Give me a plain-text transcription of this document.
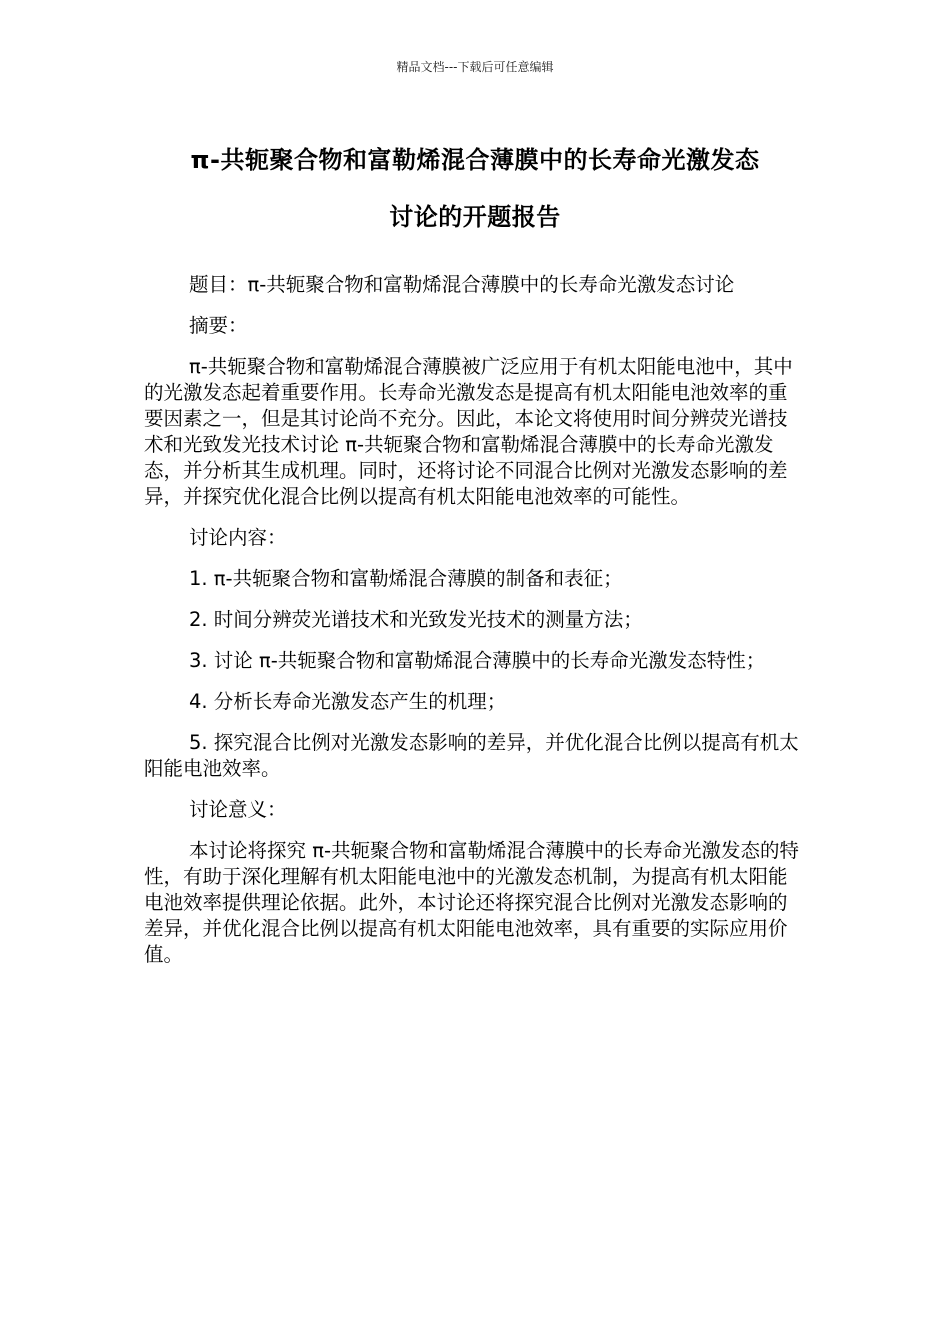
精品文档---下载后可任意编辑
π-共轭聚合物和富勒烯混合薄膜中的长寿命光激发态
讨论的开题报告

题目：π-共轭聚合物和富勒烯混合薄膜中的长寿命光激发态讨论

摘要：

π-共轭聚合物和富勒烯混合薄膜被广泛应用于有机太阳能电池中，其中的光激发态起着重要作用。长寿命光激发态是提高有机太阳能电池效率的重要因素之一，但是其讨论尚不充分。因此，本论文将使用时间分辨荧光谱技术和光致发光技术讨论 π-共轭聚合物和富勒烯混合薄膜中的长寿命光激发态，并分析其生成机理。同时，还将讨论不同混合比例对光激发态影响的差异，并探究优化混合比例以提高有机太阳能电池效率的可能性。

讨论内容：

1. π-共轭聚合物和富勒烯混合薄膜的制备和表征；

2. 时间分辨荧光谱技术和光致发光技术的测量方法；

3. 讨论 π-共轭聚合物和富勒烯混合薄膜中的长寿命光激发态特性；

4. 分析长寿命光激发态产生的机理；

5. 探究混合比例对光激发态影响的差异，并优化混合比例以提高有机太阳能电池效率。

讨论意义：

本讨论将探究 π-共轭聚合物和富勒烯混合薄膜中的长寿命光激发态的特性，有助于深化理解有机太阳能电池中的光激发态机制，为提高有机太阳能电池效率提供理论依据。此外，本讨论还将探究混合比例对光激发态影响的差异，并优化混合比例以提高有机太阳能电池效率，具有重要的实际应用价值。
